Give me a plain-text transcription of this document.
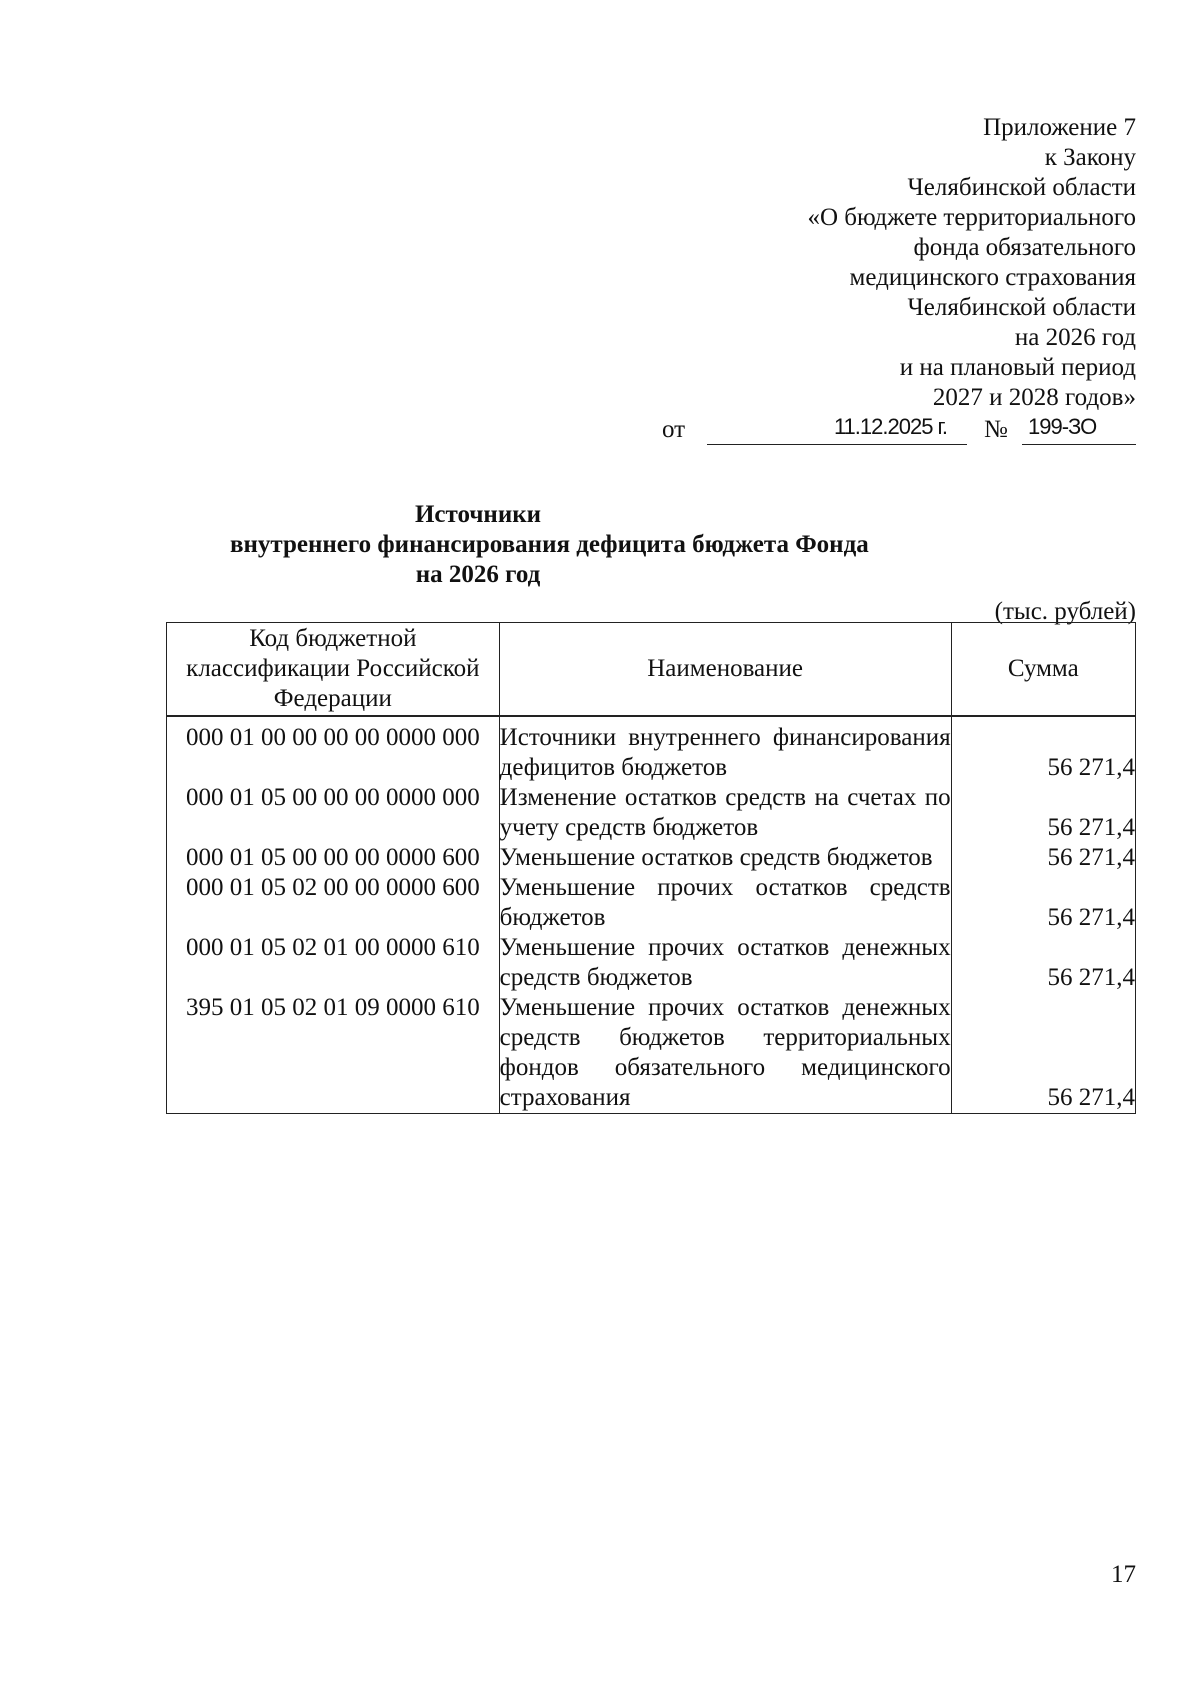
Приложение 7
к Закону
Челябинской области
«О бюджете территориального
фонда обязательного
медицинского страхования
Челябинской области
на 2026 год
и на плановый период
2027 и 2028 годов»
от	11.12.2025 г. № 199-ЗО
Источники
внутреннего финансирования дефицита бюджета Фонда
на 2026 год
(тыс. рублей)
Код бюджетной классификации Российской Федерации	Наименование	Сумма
000 01 00 00 00 00 0000 000	Источники внутреннего финансирования дефицитов бюджетов	56 271,4
000 01 05 00 00 00 0000 000	Изменение остатков средств на счетах по учету средств бюджетов	56 271,4
000 01 05 00 00 00 0000 600	Уменьшение остатков средств бюджетов	56 271,4
000 01 05 02 00 00 0000 600	Уменьшение прочих остатков средств бюджетов	56 271,4
000 01 05 02 01 00 0000 610	Уменьшение прочих остатков денежных средств бюджетов	56 271,4
395 01 05 02 01 09 0000 610	Уменьшение прочих остатков денежных средств бюджетов территориальных фондов обязательного медицинского страхования	56 271,4
17
